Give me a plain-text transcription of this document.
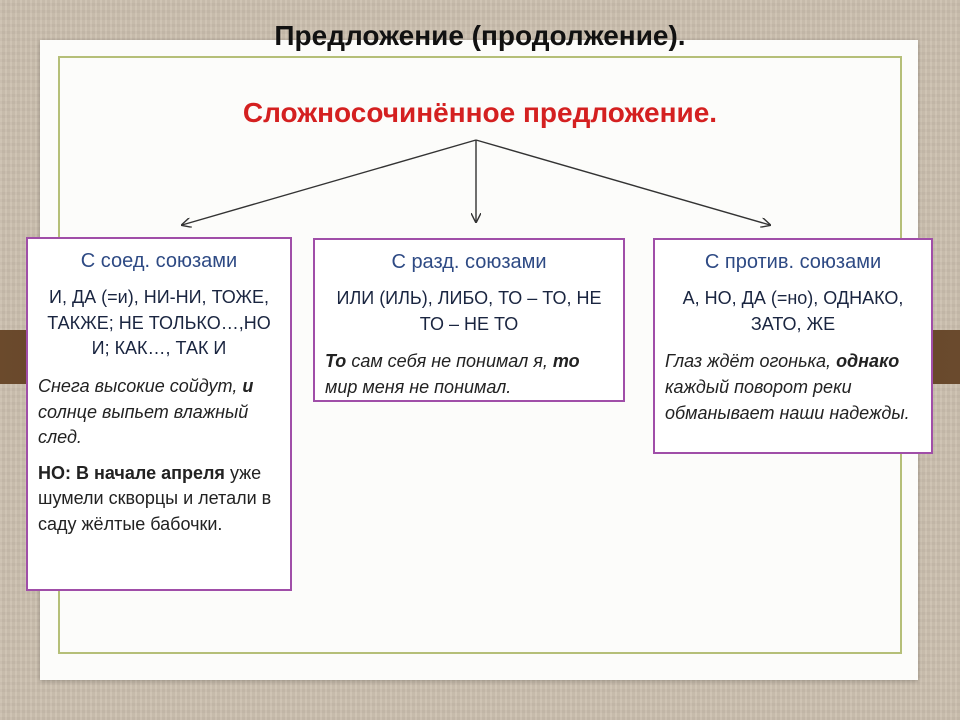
Предложение (продолжение).
Сложносочинённое предложение.
С соед. союзами
И, ДА (=и), НИ-НИ, ТОЖЕ, ТАКЖЕ; НЕ ТОЛЬКО…,НО И; КАК…, ТАК И
Снега высокие сойдут, и солнце выпьет влажный след.
НО: В начале апреля уже шумели скворцы и летали в саду жёлтые бабочки.
С разд. союзами
ИЛИ (ИЛЬ), ЛИБО, ТО – ТО, НЕ ТО – НЕ ТО
То сам себя не понимал я, то мир меня не понимал.
С против. союзами
А, НО, ДА (=но), ОДНАКО, ЗАТО, ЖЕ
Глаз ждёт огонька, однако каждый поворот реки обманывает наши надежды.
